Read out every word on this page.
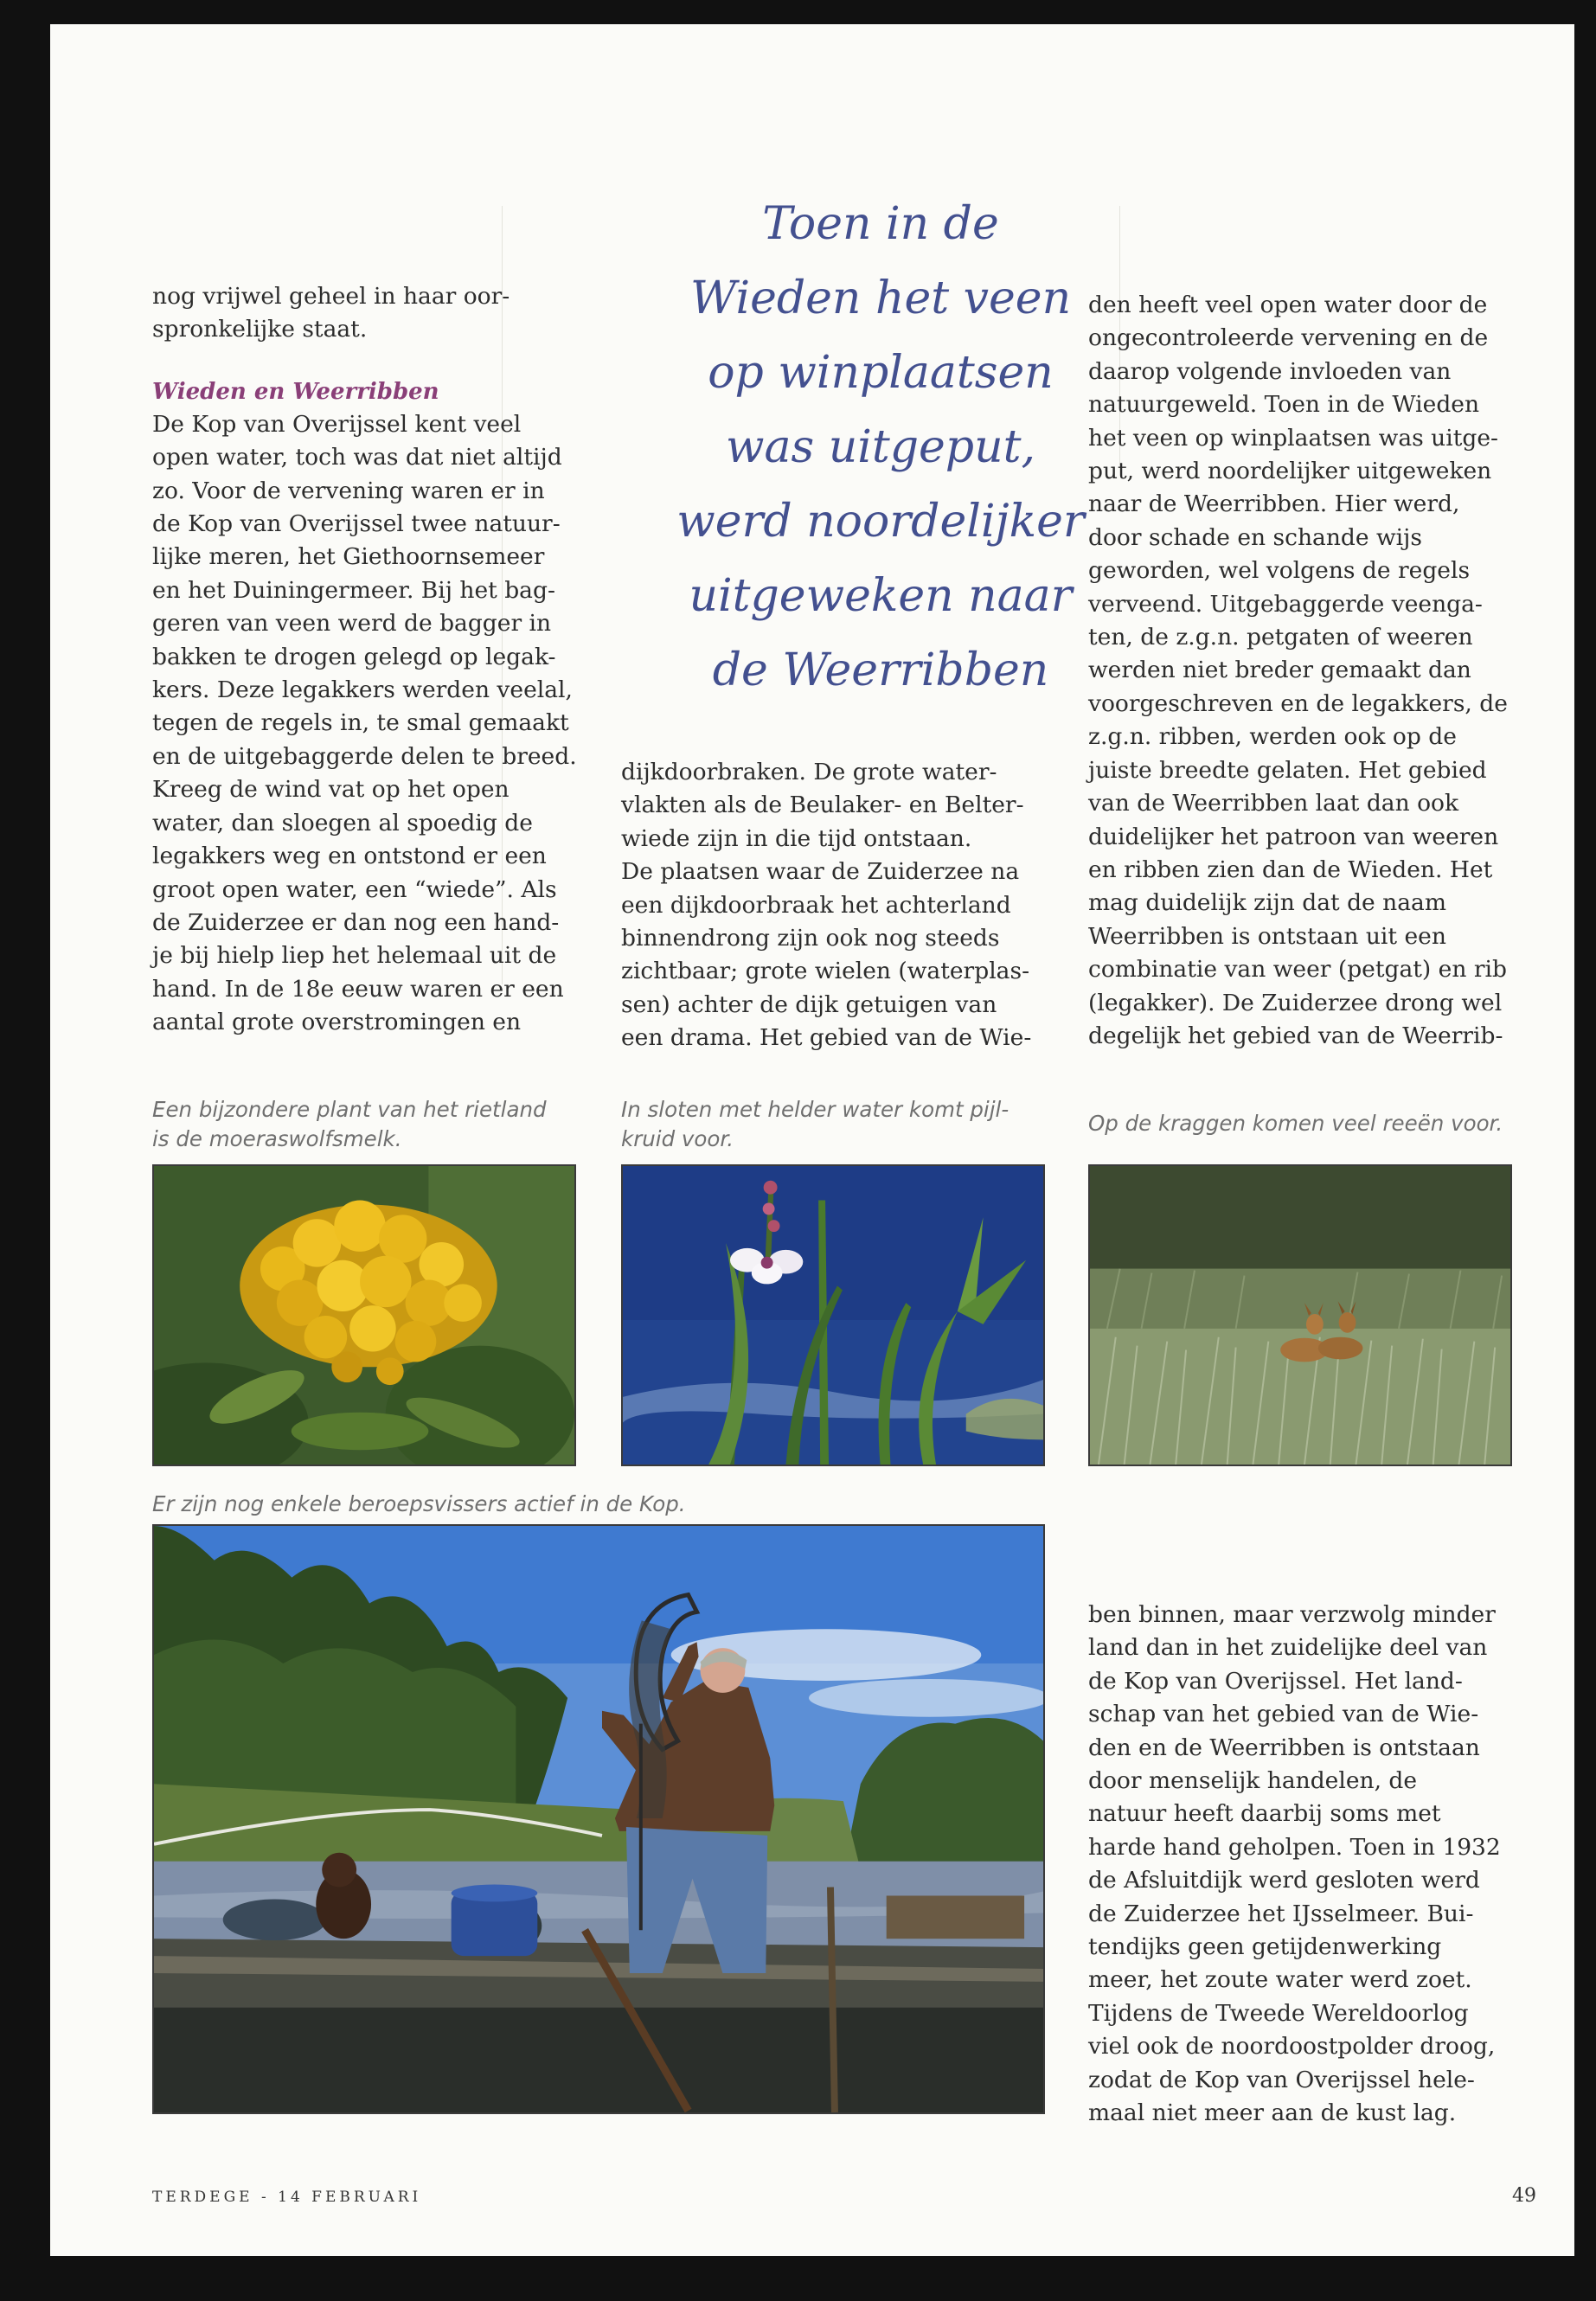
nog vrijwel geheel in haar oor-
spronkelijke staat.

Wieden en Weerribben

De Kop van Overijssel kent veel
open water, toch was dat niet altijd
zo. Voor de vervening waren er in
de Kop van Overijssel twee natuur-
lijke meren, het Giethoornsemeer
en het Duiningermeer. Bij het bag-
geren van veen werd de bagger in
bakken te drogen gelegd op legak-
kers. Deze legakkers werden veelal,
tegen de regels in, te smal gemaakt
en de uitgebaggerde delen te breed.
Kreeg de wind vat op het open
water, dan sloegen al spoedig de
legakkers weg en ontstond er een
groot open water, een “wiede”. Als
de Zuiderzee er dan nog een hand-
je bij hielp liep het helemaal uit de
hand. In de 18e eeuw waren er een
aantal grote overstromingen en

Toen in de
Wieden het veen
op winplaatsen
was uitgeput,
werd noordelijker
uitgeweken naar
de Weerribben

dijkdoorbraken. De grote water-
vlakten als de Beulaker- en Belter-
wiede zijn in die tijd ontstaan.
De plaatsen waar de Zuiderzee na
een dijkdoorbraak het achterland
binnendrong zijn ook nog steeds
zichtbaar; grote wielen (waterplas-
sen) achter de dijk getuigen van
een drama. Het gebied van de Wie-

den heeft veel open water door de
ongecontroleerde vervening en de
daarop volgende invloeden van
natuurgeweld. Toen in de Wieden
het veen op winplaatsen was uitge-
put, werd noordelijker uitgeweken
naar de Weerribben. Hier werd,
door schade en schande wijs
geworden, wel volgens de regels
verveend. Uitgebaggerde veenga-
ten, de z.g.n. petgaten of weeren
werden niet breder gemaakt dan
voorgeschreven en de legakkers, de
z.g.n. ribben, werden ook op de
juiste breedte gelaten. Het gebied
van de Weerribben laat dan ook
duidelijker het patroon van weeren
en ribben zien dan de Wieden. Het
mag duidelijk zijn dat de naam
Weerribben is ontstaan uit een
combinatie van weer (petgat) en rib
(legakker). De Zuiderzee drong wel
degelijk het gebied van de Weerrib-

Een bijzondere plant van het rietland
is de moeraswolfsmelk.
In sloten met helder water komt pijl-
kruid voor.
Op de kraggen komen veel reeën voor.
Er zijn nog enkele beroepsvissers actief in de Kop.

ben binnen, maar verzwolg minder
land dan in het zuidelijke deel van
de Kop van Overijssel. Het land-
schap van het gebied van de Wie-
den en de Weerribben is ontstaan
door menselijk handelen, de
natuur heeft daarbij soms met
harde hand geholpen. Toen in 1932
de Afsluitdijk werd gesloten werd
de Zuiderzee het IJsselmeer. Bui-
tendijks geen getijdenwerking
meer, het zoute water werd zoet.
Tijdens de Tweede Wereldoorlog
viel ook de noordoostpolder droog,
zodat de Kop van Overijssel hele-
maal niet meer aan de kust lag.

TERDEGE - 14 FEBRUARI	49
